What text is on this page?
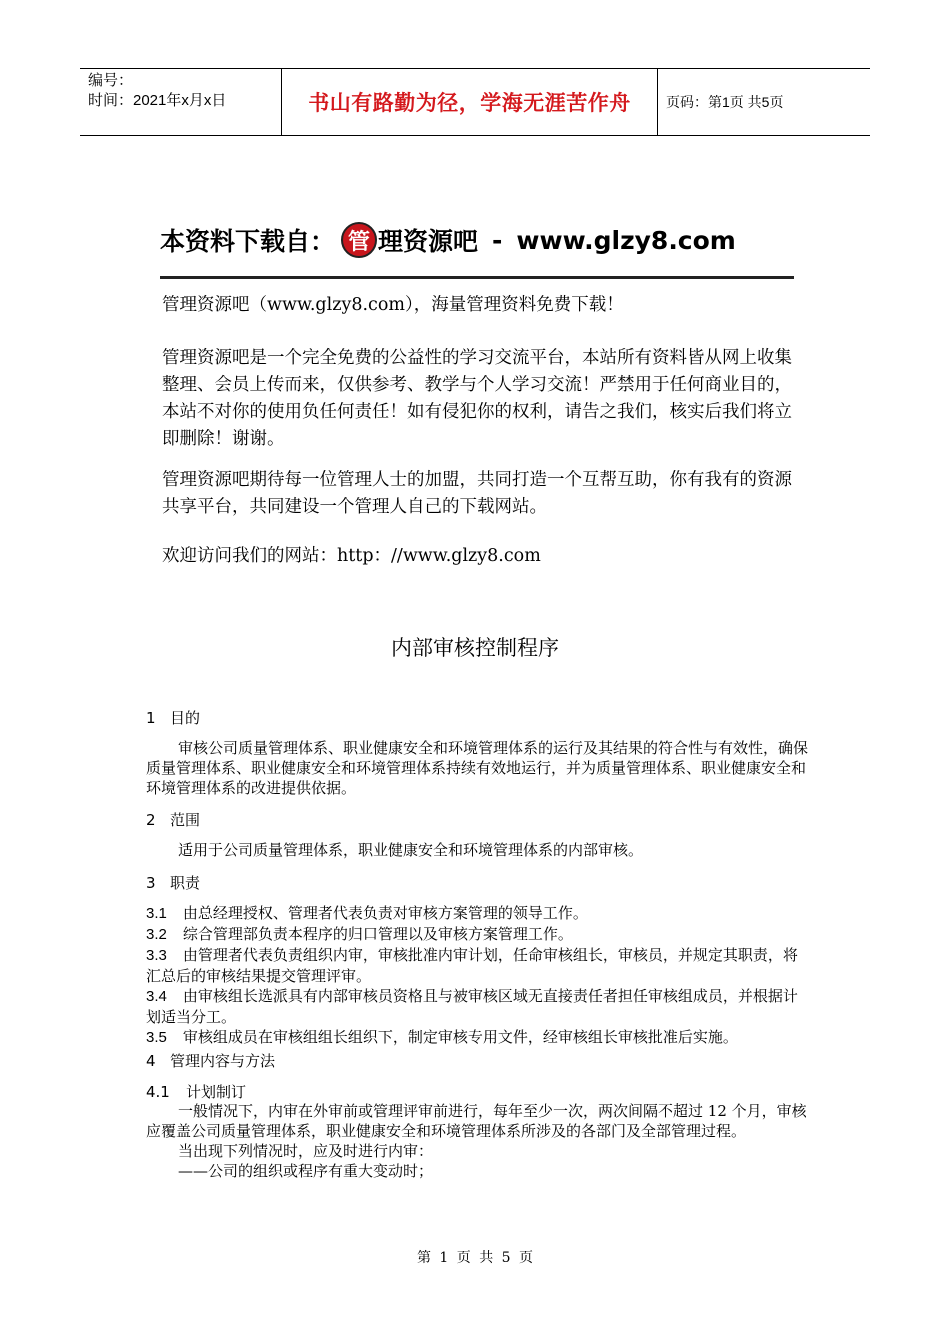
编号：
时间：2021年x月x日	书山有路勤为径，学海无涯苦作舟	页码：第1页 共5页
本资料下载自： 管 理资源吧 - www.glzy8.com
管理资源吧（www.glzy8.com），海量管理资料免费下载！
管理资源吧是一个完全免费的公益性的学习交流平台，本站所有资料皆从网上收集整理、会员上传而来，仅供参考、教学与个人学习交流！严禁用于任何商业目的，本站不对你的使用负任何责任！如有侵犯你的权利，请告之我们，核实后我们将立即删除！谢谢。
管理资源吧期待每一位管理人士的加盟，共同打造一个互帮互助，你有我有的资源共享平台，共同建设一个管理人自己的下载网站。
欢迎访问我们的网站：http：//www.glzy8.com
内部审核控制程序
1 目的
审核公司质量管理体系、职业健康安全和环境管理体系的运行及其结果的符合性与有效性，确保质量管理体系、职业健康安全和环境管理体系持续有效地运行，并为质量管理体系、职业健康安全和环境管理体系的改进提供依据。
2 范围
适用于公司质量管理体系，职业健康安全和环境管理体系的内部审核。
3 职责
3.1 由总经理授权、管理者代表负责对审核方案管理的领导工作。
3.2 综合管理部负责本程序的归口管理以及审核方案管理工作。
3.3 由管理者代表负责组织内审，审核批准内审计划，任命审核组长，审核员，并规定其职责，将汇总后的审核结果提交管理评审。
3.4 由审核组长选派具有内部审核员资格且与被审核区域无直接责任者担任审核组成员，并根据计划适当分工。
3.5 审核组成员在审核组组长组织下，制定审核专用文件，经审核组长审核批准后实施。
4 管理内容与方法
4.1 计划制订
一般情况下，内审在外审前或管理评审前进行，每年至少一次，两次间隔不超过 12 个月，审核应覆盖公司质量管理体系，职业健康安全和环境管理体系所涉及的各部门及全部管理过程。
当出现下列情况时，应及时进行内审：
——公司的组织或程序有重大变动时；
第 1 页 共 5 页
